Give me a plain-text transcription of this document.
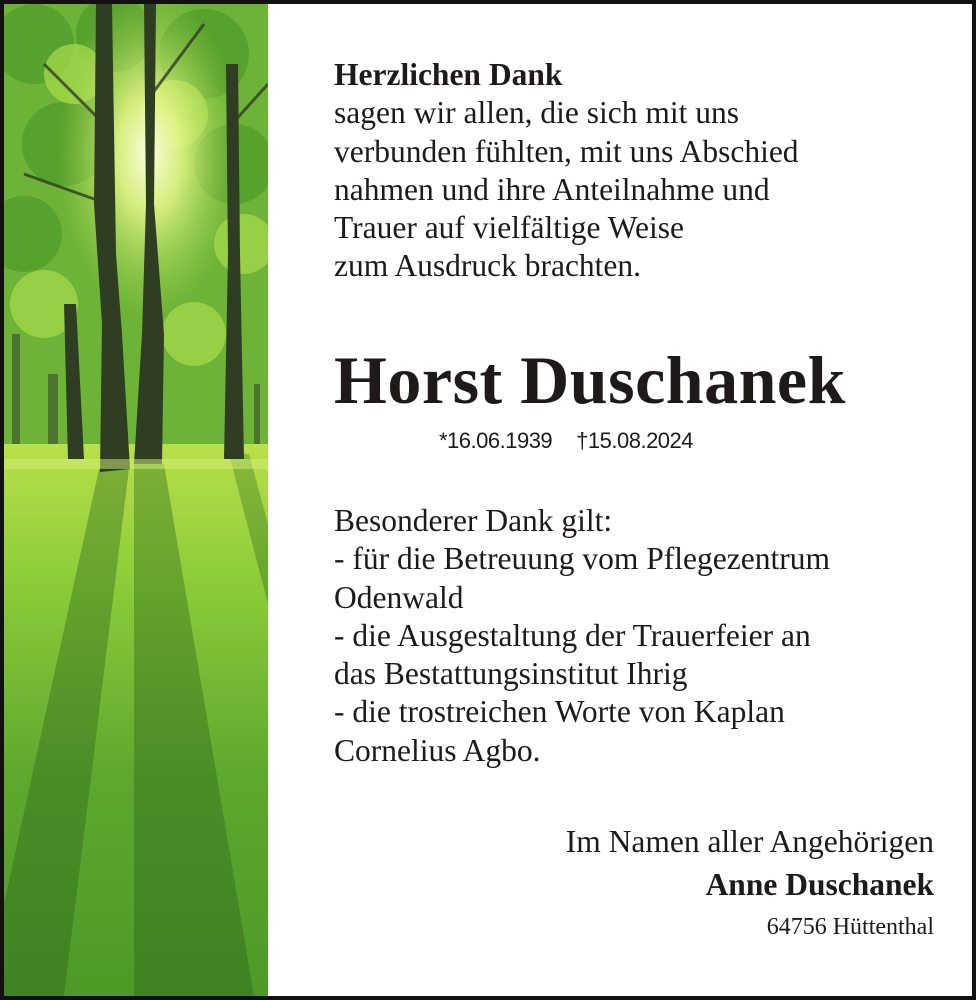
Herzlichen Dank
sagen wir allen, die sich mit uns
verbunden fühlten, mit uns Abschied
nahmen und ihre Anteilnahme und
Trauer auf vielfältige Weise
zum Ausdruck brachten.
Horst Duschanek
*16.06.1939 †15.08.2024
Besonderer Dank gilt:
- für die Betreuung vom Pflegezentrum
Odenwald
- die Ausgestaltung der Trauerfeier an
das Bestattungsinstitut Ihrig
- die trostreichen Worte von Kaplan
Cornelius Agbo.
Im Namen aller Angehörigen
Anne Duschanek
64756 Hüttenthal
